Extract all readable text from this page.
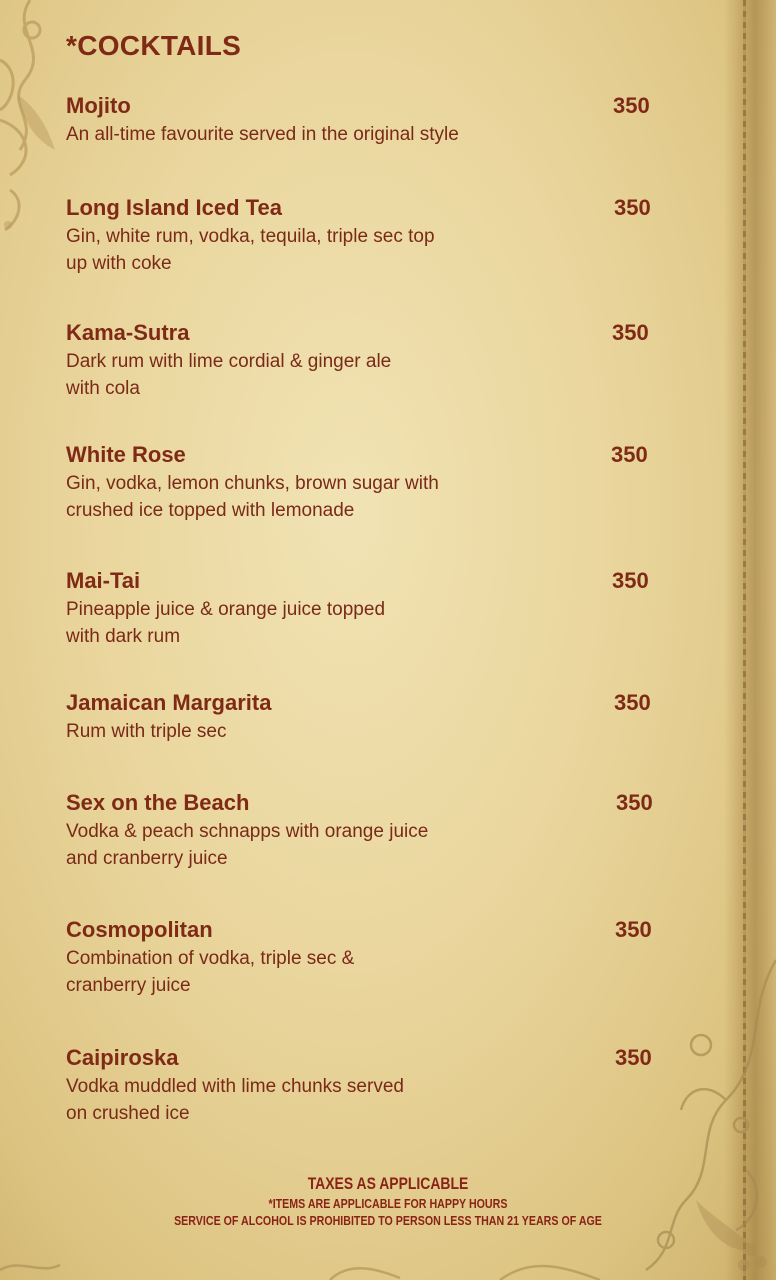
*COCKTAILS
Mojito	350
An all-time favourite served in the original style
Long Island Iced Tea	350
Gin, white rum, vodka, tequila, triple sec top
up with coke
Kama-Sutra	350
Dark rum with lime cordial & ginger ale
with cola
White Rose	350
Gin, vodka, lemon chunks, brown sugar with
crushed ice topped with lemonade
Mai-Tai	350
Pineapple juice & orange juice topped
with dark rum
Jamaican Margarita	350
Rum with triple sec
Sex on the Beach	350
Vodka & peach schnapps with orange juice
and cranberry juice
Cosmopolitan	350
Combination of vodka, triple sec &
cranberry juice
Caipiroska	350
Vodka muddled with lime chunks served
on crushed ice
TAXES AS APPLICABLE
*ITEMS ARE APPLICABLE FOR HAPPY HOURS
SERVICE OF ALCOHOL IS PROHIBITED TO PERSON LESS THAN 21 YEARS OF AGE
